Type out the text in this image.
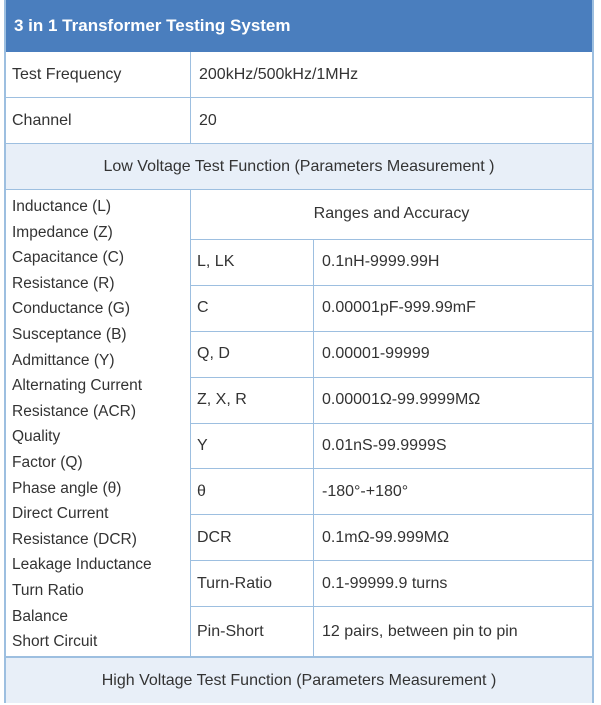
3 in 1 Transformer Testing System
Test Frequency	200kHz/500kHz/1MHz
Channel	20
Low Voltage Test Function (Parameters Measurement )
Inductance (L)
Impedance (Z)
Capacitance (C)
Resistance (R)
Conductance (G)
Susceptance (B)
Admittance (Y)
Alternating Current
Resistance (ACR)
Quality
Factor (Q)
Phase angle (θ)
Direct Current
Resistance (DCR)
Leakage Inductance
Turn Ratio
Balance
Short Circuit
Ranges and Accuracy
L, LK	0.1nH-9999.99H
C	0.00001pF-999.99mF
Q, D	0.00001-99999
Z, X, R	0.00001Ω-99.9999MΩ
Y	0.01nS-99.9999S
θ	-180°-+180°
DCR	0.1mΩ-99.999MΩ
Turn-Ratio	0.1-99999.9 turns
Pin-Short	12 pairs, between pin to pin
High Voltage Test Function (Parameters Measurement )
